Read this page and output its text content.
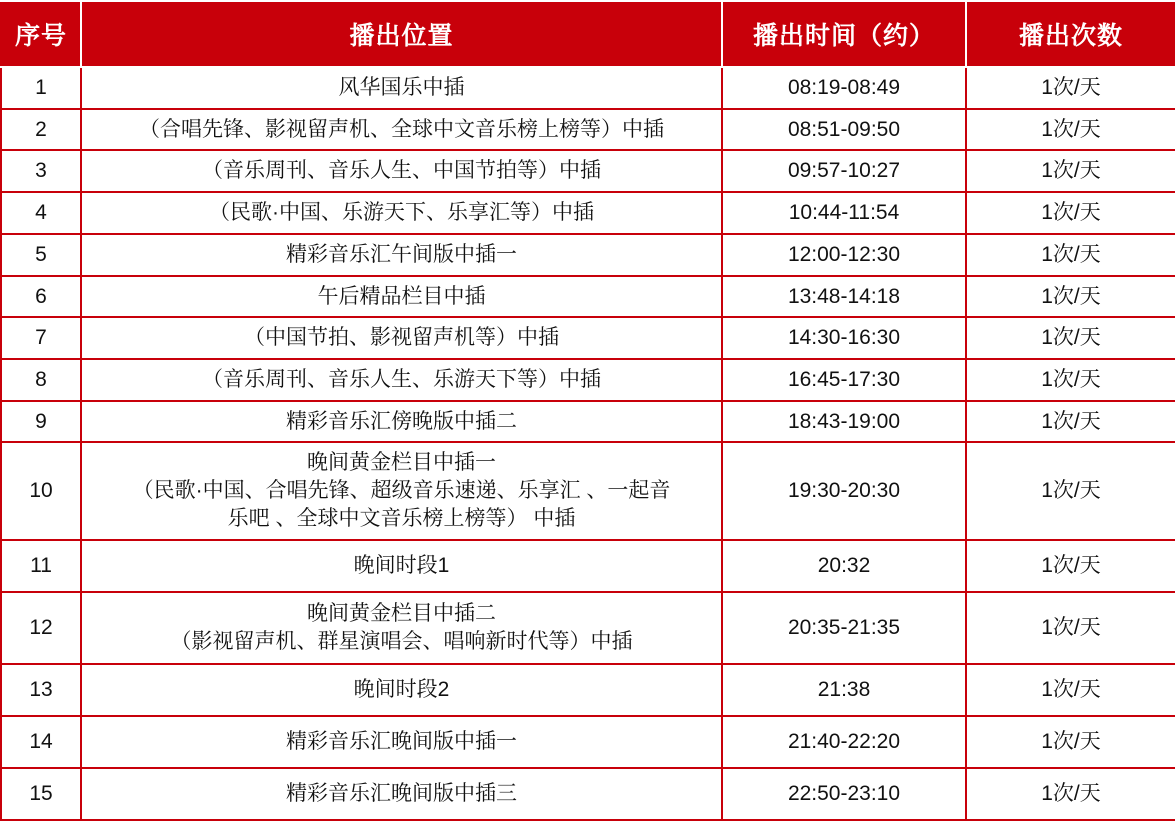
序号	播出位置	播出时间（约）	播出次数
1	风华国乐中插	08:19-08:49	1次/天
2	（合唱先锋、影视留声机、全球中文音乐榜上榜等）中插	08:51-09:50	1次/天
3	（音乐周刊、音乐人生、中国节拍等）中插	09:57-10:27	1次/天
4	（民歌·中国、乐游天下、乐享汇等）中插	10:44-11:54	1次/天
5	精彩音乐汇午间版中插一	12:00-12:30	1次/天
6	午后精品栏目中插	13:48-14:18	1次/天
7	（中国节拍、影视留声机等）中插	14:30-16:30	1次/天
8	（音乐周刊、音乐人生、乐游天下等）中插	16:45-17:30	1次/天
9	精彩音乐汇傍晚版中插二	18:43-19:00	1次/天
10	晚间黄金栏目中插一
（民歌·中国、合唱先锋、超级音乐速递、乐享汇 、一起音
乐吧 、全球中文音乐榜上榜等） 中插	19:30-20:30	1次/天
11	晚间时段1	20:32	1次/天
12	晚间黄金栏目中插二
（影视留声机、群星演唱会、唱响新时代等）中插	20:35-21:35	1次/天
13	晚间时段2	21:38	1次/天
14	精彩音乐汇晚间版中插一	21:40-22:20	1次/天
15	精彩音乐汇晚间版中插三	22:50-23:10	1次/天
